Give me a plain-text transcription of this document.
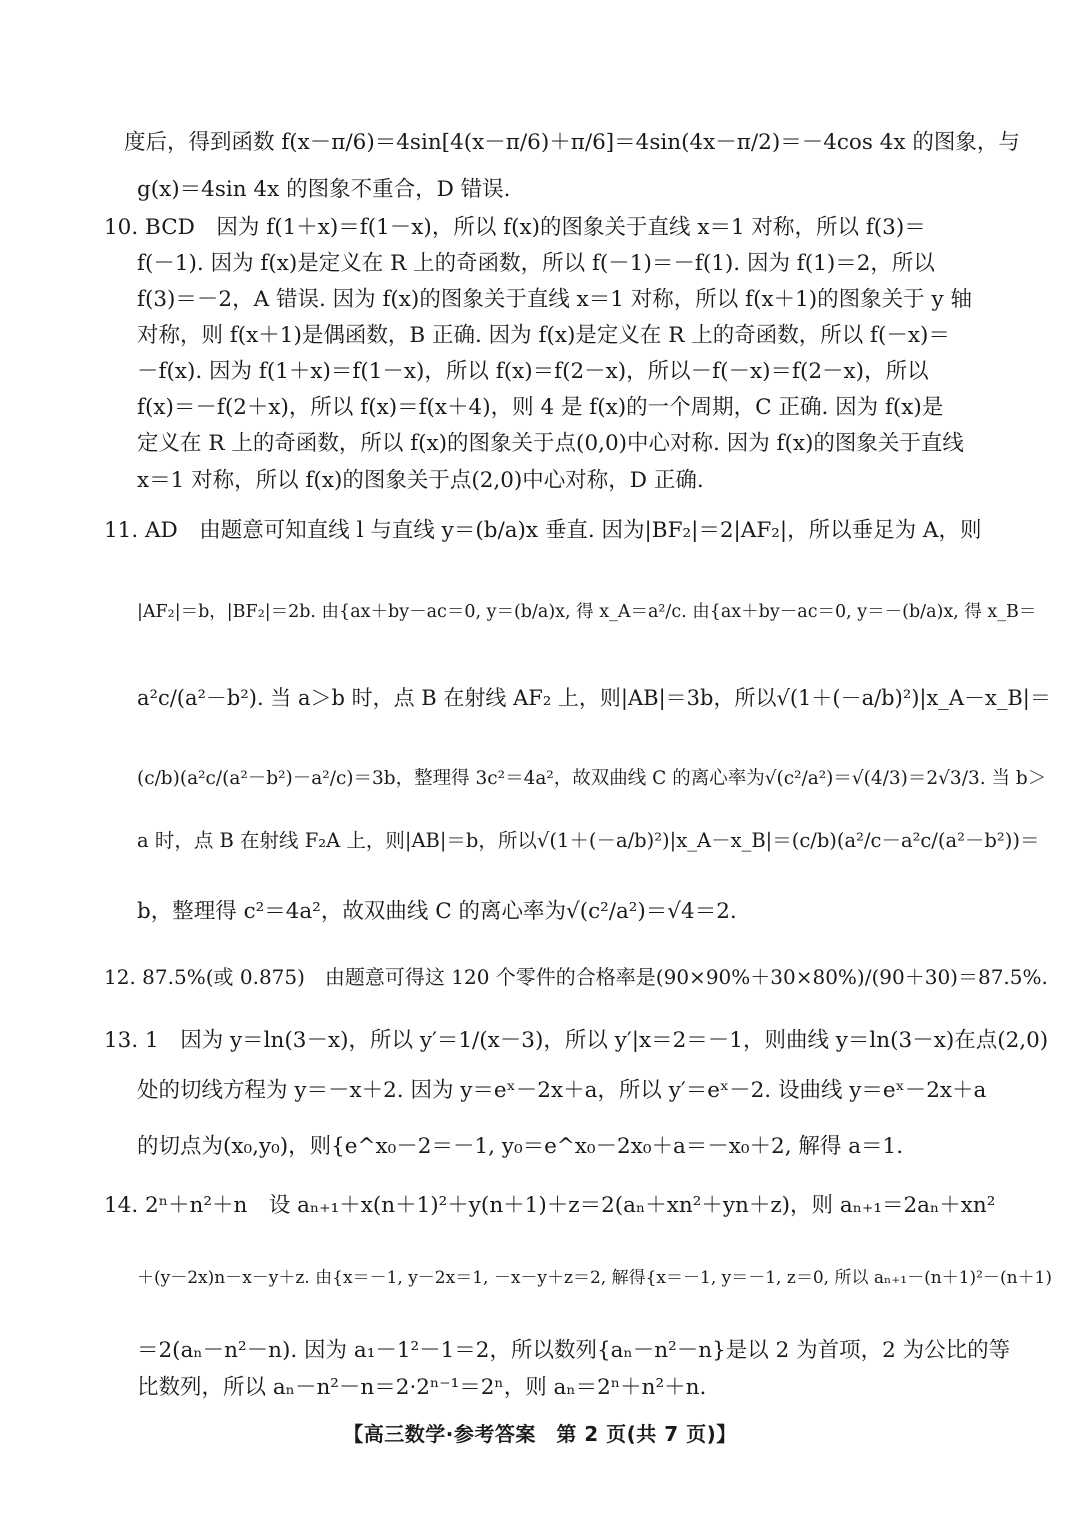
度后，得到函数 f(x－π/6)＝4sin[4(x－π/6)＋π/6]＝4sin(4x－π/2)＝－4cos 4x 的图象，与
g(x)＝4sin 4x 的图象不重合，D 错误.
10. BCD　因为 f(1＋x)＝f(1－x)，所以 f(x)的图象关于直线 x＝1 对称，所以 f(3)＝
f(－1). 因为 f(x)是定义在 R 上的奇函数，所以 f(－1)＝－f(1). 因为 f(1)＝2，所以
f(3)＝－2，A 错误. 因为 f(x)的图象关于直线 x＝1 对称，所以 f(x＋1)的图象关于 y 轴
对称，则 f(x＋1)是偶函数，B 正确. 因为 f(x)是定义在 R 上的奇函数，所以 f(－x)＝
－f(x). 因为 f(1＋x)＝f(1－x)，所以 f(x)＝f(2－x)，所以－f(－x)＝f(2－x)，所以
f(x)＝－f(2＋x)，所以 f(x)＝f(x＋4)，则 4 是 f(x)的一个周期，C 正确. 因为 f(x)是
定义在 R 上的奇函数，所以 f(x)的图象关于点(0,0)中心对称. 因为 f(x)的图象关于直线
x＝1 对称，所以 f(x)的图象关于点(2,0)中心对称，D 正确.
11. AD　由题意可知直线 l 与直线 y＝(b/a)x 垂直. 因为|BF₂|＝2|AF₂|，所以垂足为 A，则
|AF₂|＝b，|BF₂|＝2b. 由{ax＋by－ac＝0, y＝(b/a)x, 得 x_A＝a²/c. 由{ax＋by－ac＝0, y＝－(b/a)x, 得 x_B＝
a²c/(a²－b²). 当 a＞b 时，点 B 在射线 AF₂ 上，则|AB|＝3b，所以√(1＋(－a/b)²)|x_A－x_B|＝
(c/b)(a²c/(a²－b²)－a²/c)＝3b，整理得 3c²＝4a²，故双曲线 C 的离心率为√(c²/a²)＝√(4/3)＝2√3/3. 当 b＞
a 时，点 B 在射线 F₂A 上，则|AB|＝b，所以√(1＋(－a/b)²)|x_A－x_B|＝(c/b)(a²/c－a²c/(a²－b²))＝
b，整理得 c²＝4a²，故双曲线 C 的离心率为√(c²/a²)＝√4＝2.
12. 87.5%(或 0.875)　由题意可得这 120 个零件的合格率是(90×90%＋30×80%)/(90＋30)＝87.5%.
13. 1　因为 y＝ln(3－x)，所以 y′＝1/(x－3)，所以 y′|x＝2＝－1，则曲线 y＝ln(3－x)在点(2,0)
处的切线方程为 y＝－x＋2. 因为 y＝eˣ－2x＋a，所以 y′＝eˣ－2. 设曲线 y＝eˣ－2x＋a
的切点为(x₀,y₀)，则{e^x₀－2＝－1, y₀＝e^x₀－2x₀＋a＝－x₀＋2, 解得 a＝1.
14. 2ⁿ＋n²＋n　设 aₙ₊₁＋x(n＋1)²＋y(n＋1)＋z＝2(aₙ＋xn²＋yn＋z)，则 aₙ₊₁＝2aₙ＋xn²
＋(y－2x)n－x－y＋z. 由{x＝－1, y－2x＝1, －x－y＋z＝2, 解得{x＝－1, y＝－1, z＝0, 所以 aₙ₊₁－(n＋1)²－(n＋1)
＝2(aₙ－n²－n). 因为 a₁－1²－1＝2，所以数列{aₙ－n²－n}是以 2 为首项，2 为公比的等
比数列，所以 aₙ－n²－n＝2·2ⁿ⁻¹＝2ⁿ，则 aₙ＝2ⁿ＋n²＋n.
【高三数学·参考答案　第 2 页(共 7 页)】
